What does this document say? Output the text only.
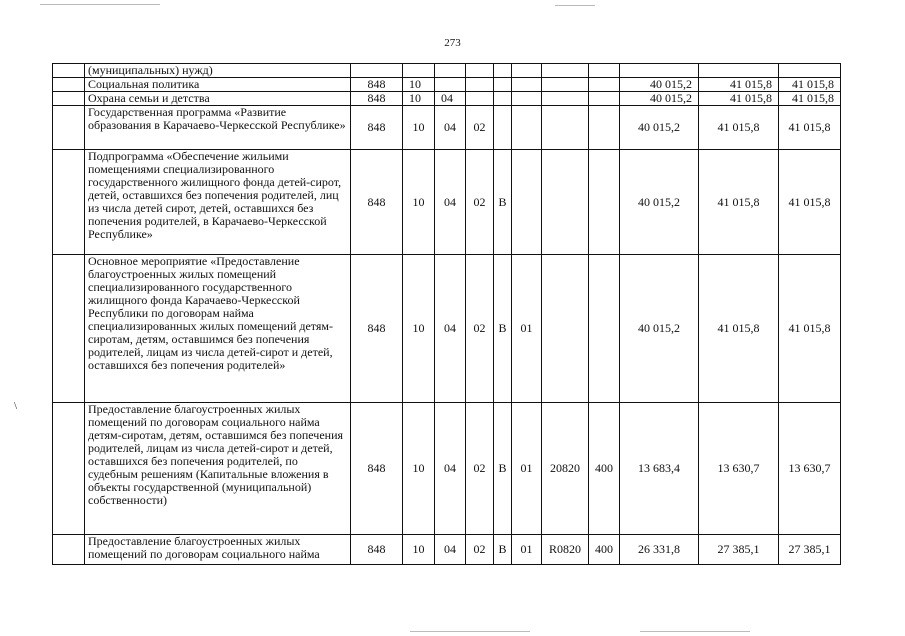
273
\
	(муниципальных) нужд)											
	Социальная политика	848	10							40 015,2	41 015,8	41 015,8
	Охрана семьи и детства	848	10	04						40 015,2	41 015,8	41 015,8
	Государственная программа «Развитие образования в Карачаево-Черкесской Республике»	848	10	04	02					40 015,2	41 015,8	41 015,8
	Подпрограмма «Обеспечение жильими помещениями специализированного государственного жилищного фонда детей-сирот, детей, оставшихся без попечения родителей, лиц из числа детей сирот, детей, оставшихся без попечения родителей, в Карачаево-Черкесской Республике»	848	10	04	02	В				40 015,2	41 015,8	41 015,8
	Основное мероприятие «Предоставление благоустроенных жилых помещений специализированного государственного жилищного фонда Карачаево-Черкесской Республики по договорам найма специализированных жилых помещений детям-сиротам, детям, оставшимся без попечения родителей, лицам из числа детей-сирот и детей, оставшихся без попечения родителей»	848	10	04	02	В	01			40 015,2	41 015,8	41 015,8
	Предоставление благоустроенных жилых помещений по договорам социального найма детям-сиротам, детям, оставшимся без попечения родителей, лицам из числа детей-сирот и детей, оставшихся без попечения родителей, по судебным решениям (Капитальные вложения в объекты государственной (муниципальной) собственности)	848	10	04	02	В	01	20820	400	13 683,4	13 630,7	13 630,7
	Предоставление благоустроенных жилых помещений по договорам социального найма	848	10	04	02	В	01	R0820	400	26 331,8	27 385,1	27 385,1
